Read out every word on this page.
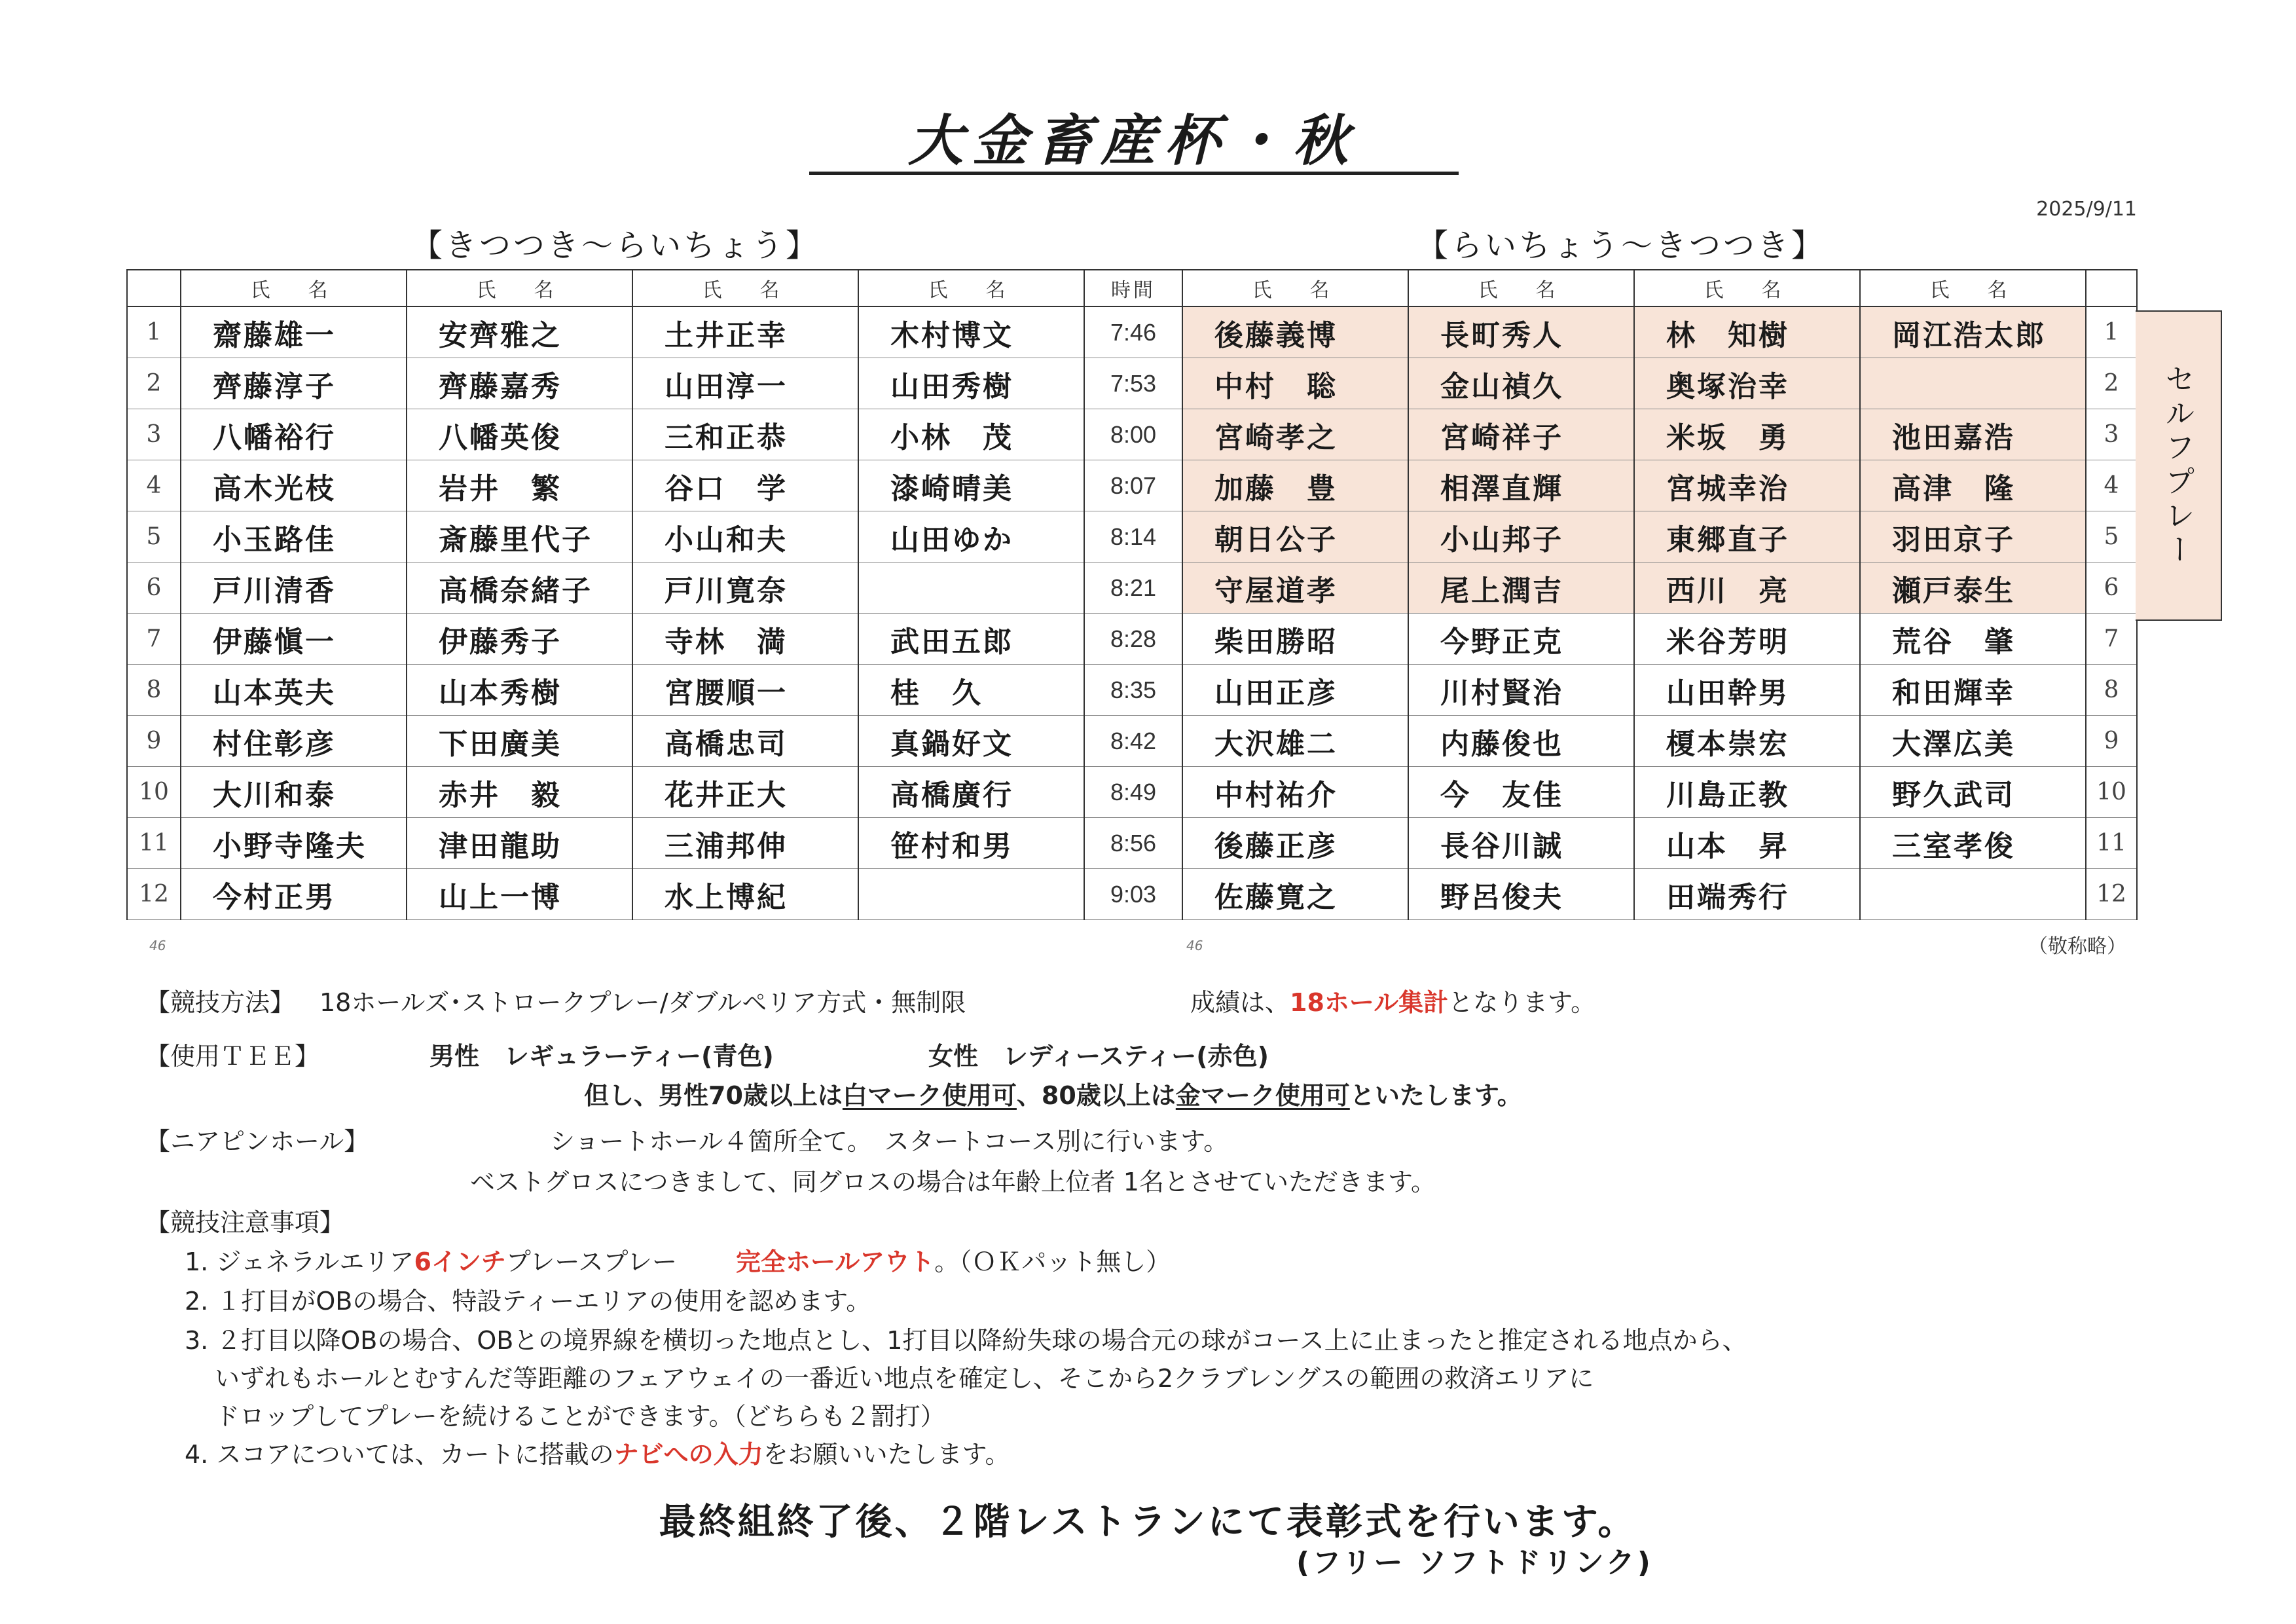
大金畜産杯・秋
2025/9/11
【きつつき～らいちょう】	【らいちょう～きつつき】
	氏　名	氏　名	氏　名	氏　名	時間	氏　名	氏　名	氏　名	氏　名	
1	齋藤雄一	安齊雅之	土井正幸	木村博文	7:46	後藤義博	長町秀人	林　知樹	岡江浩太郎	1
2	齊藤淳子	齊藤嘉秀	山田淳一	山田秀樹	7:53	中村　聡	金山禎久	奥塚治幸		2
3	八幡裕行	八幡英俊	三和正恭	小林　茂	8:00	宮崎孝之	宮崎祥子	米坂　勇	池田嘉浩	3
4	高木光枝	岩井　繁	谷口　学	漆崎晴美	8:07	加藤　豊	相澤直輝	宮城幸治	高津　隆	4
5	小玉路佳	斎藤里代子	小山和夫	山田ゆか	8:14	朝日公子	小山邦子	東郷直子	羽田京子	5
6	戸川清香	高橋奈緒子	戸川寛奈		8:21	守屋道孝	尾上潤吉	西川　亮	瀬戸泰生	6
7	伊藤愼一	伊藤秀子	寺林　満	武田五郎	8:28	柴田勝昭	今野正克	米谷芳明	荒谷　肇	7
8	山本英夫	山本秀樹	宮腰順一	桂　久	8:35	山田正彦	川村賢治	山田幹男	和田輝幸	8
9	村住彰彦	下田廣美	高橋忠司	真鍋好文	8:42	大沢雄二	内藤俊也	榎本崇宏	大澤広美	9
10	大川和泰	赤井　毅	花井正大	高橋廣行	8:49	中村祐介	今　友佳	川島正教	野久武司	10
11	小野寺隆夫	津田龍助	三浦邦伸	笹村和男	8:56	後藤正彦	長谷川誠	山本　昇	三室孝俊	11
12	今村正男	山上一博	水上博紀		9:03	佐藤寛之	野呂俊夫	田端秀行		12
セルフプレー
46	46	（敬称略）
【競技方法】 18ホールズ･ストロークプレー/ダブルペリア方式・無制限	成績は、18ホール集計となります。
【使用ＴＥＥ】	男性　レギュラーティー(青色)	女性　レディースティー(赤色)
但し、男性70歳以上は白マーク使用可、80歳以上は金マーク使用可といたします。
【ニアピンホール】	ショートホール４箇所全て。　スタートコース別に行います。
ベストグロスにつきまして、同グロスの場合は年齢上位者 1名とさせていただきます。
【競技注意事項】
1. ジェネラルエリア6インチプレースプレー 完全ホールアウト。（ＯＫパット無し）
2. １打目がOBの場合、特設ティーエリアの使用を認めます。
3. ２打目以降OBの場合、OBとの境界線を横切った地点とし、1打目以降紛失球の場合元の球がコース上に止まったと推定される地点から、
いずれもホールとむすんだ等距離のフェアウェイの一番近い地点を確定し、そこから2クラブレングスの範囲の救済エリアに
ドロップしてプレーを続けることができます。（どちらも２罰打）
4. スコアについては、カートに搭載のナビへの入力をお願いいたします。
最終組終了後、２階レストランにて表彰式を行います。
(フリー ソフトドリンク)
